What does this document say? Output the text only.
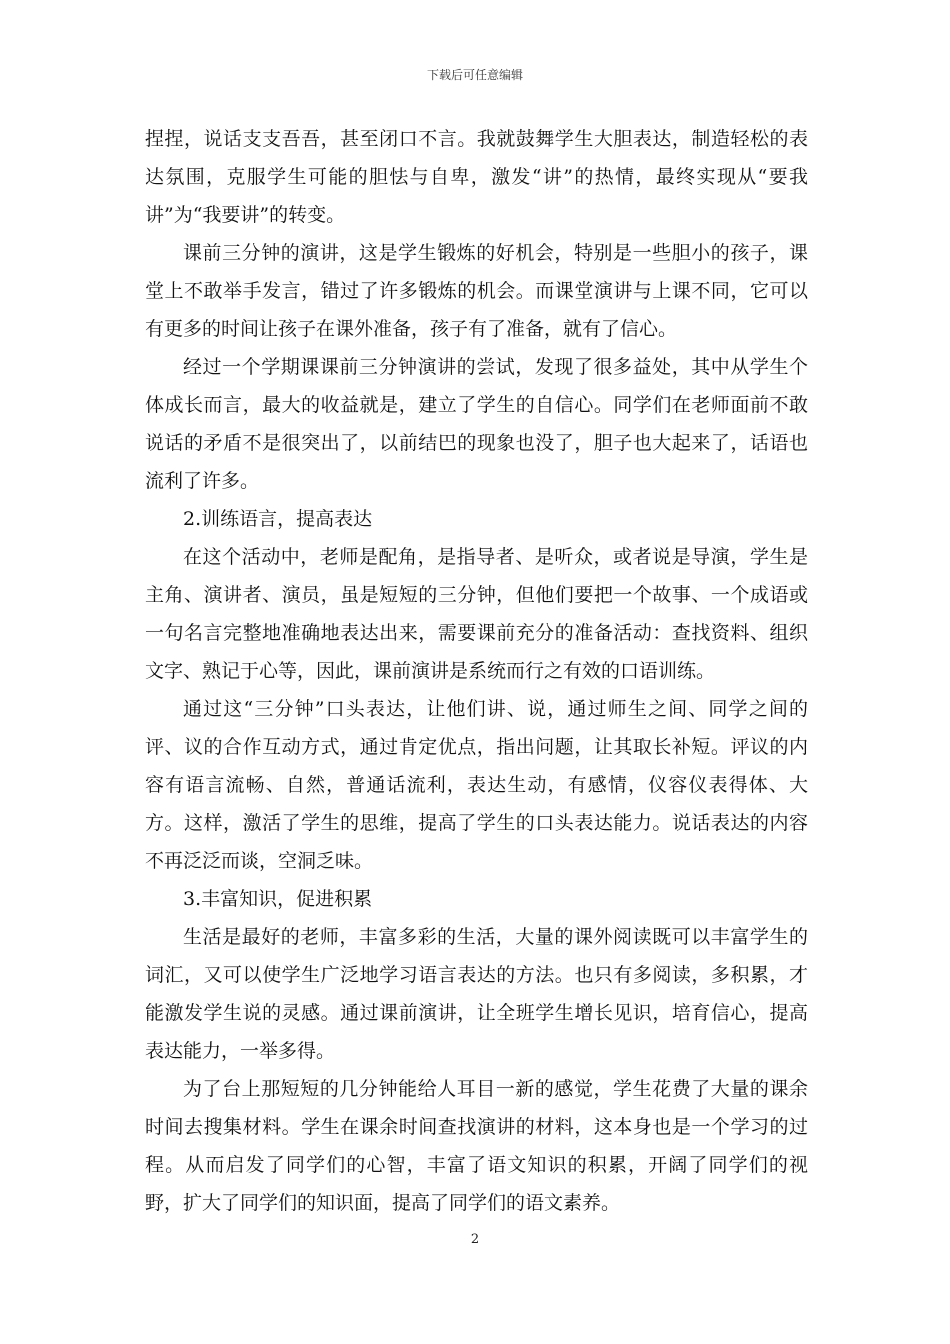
下载后可任意编辑

捏捏，说话支支吾吾，甚至闭口不言。我就鼓舞学生大胆表达，制造轻松的表达氛围，克服学生可能的胆怯与自卑，激发“讲”的热情，最终实现从“要我讲”为“我要讲”的转变。

课前三分钟的演讲，这是学生锻炼的好机会，特别是一些胆小的孩子，课堂上不敢举手发言，错过了许多锻炼的机会。而课堂演讲与上课不同，它可以有更多的时间让孩子在课外准备，孩子有了准备，就有了信心。

经过一个学期课课前三分钟演讲的尝试，发现了很多益处，其中从学生个体成长而言，最大的收益就是，建立了学生的自信心。同学们在老师面前不敢说话的矛盾不是很突出了，以前结巴的现象也没了，胆子也大起来了，话语也流利了许多。

2.训练语言，提高表达

在这个活动中，老师是配角，是指导者、是听众，或者说是导演，学生是主角、演讲者、演员，虽是短短的三分钟，但他们要把一个故事、一个成语或一句名言完整地准确地表达出来，需要课前充分的准备活动：查找资料、组织文字、熟记于心等，因此，课前演讲是系统而行之有效的口语训练。

通过这“三分钟”口头表达，让他们讲、说，通过师生之间、同学之间的评、议的合作互动方式，通过肯定优点，指出问题，让其取长补短。评议的内容有语言流畅、自然，普通话流利，表达生动，有感情，仪容仪表得体、大方。这样，激活了学生的思维，提高了学生的口头表达能力。说话表达的内容不再泛泛而谈，空洞乏味。

3.丰富知识，促进积累

生活是最好的老师，丰富多彩的生活，大量的课外阅读既可以丰富学生的词汇，又可以使学生广泛地学习语言表达的方法。也只有多阅读，多积累，才能激发学生说的灵感。通过课前演讲，让全班学生增长见识，培育信心，提高表达能力，一举多得。

为了台上那短短的几分钟能给人耳目一新的感觉，学生花费了大量的课余时间去搜集材料。学生在课余时间查找演讲的材料，这本身也是一个学习的过程。从而启发了同学们的心智，丰富了语文知识的积累，开阔了同学们的视野，扩大了同学们的知识面，提高了同学们的语文素养。

2
